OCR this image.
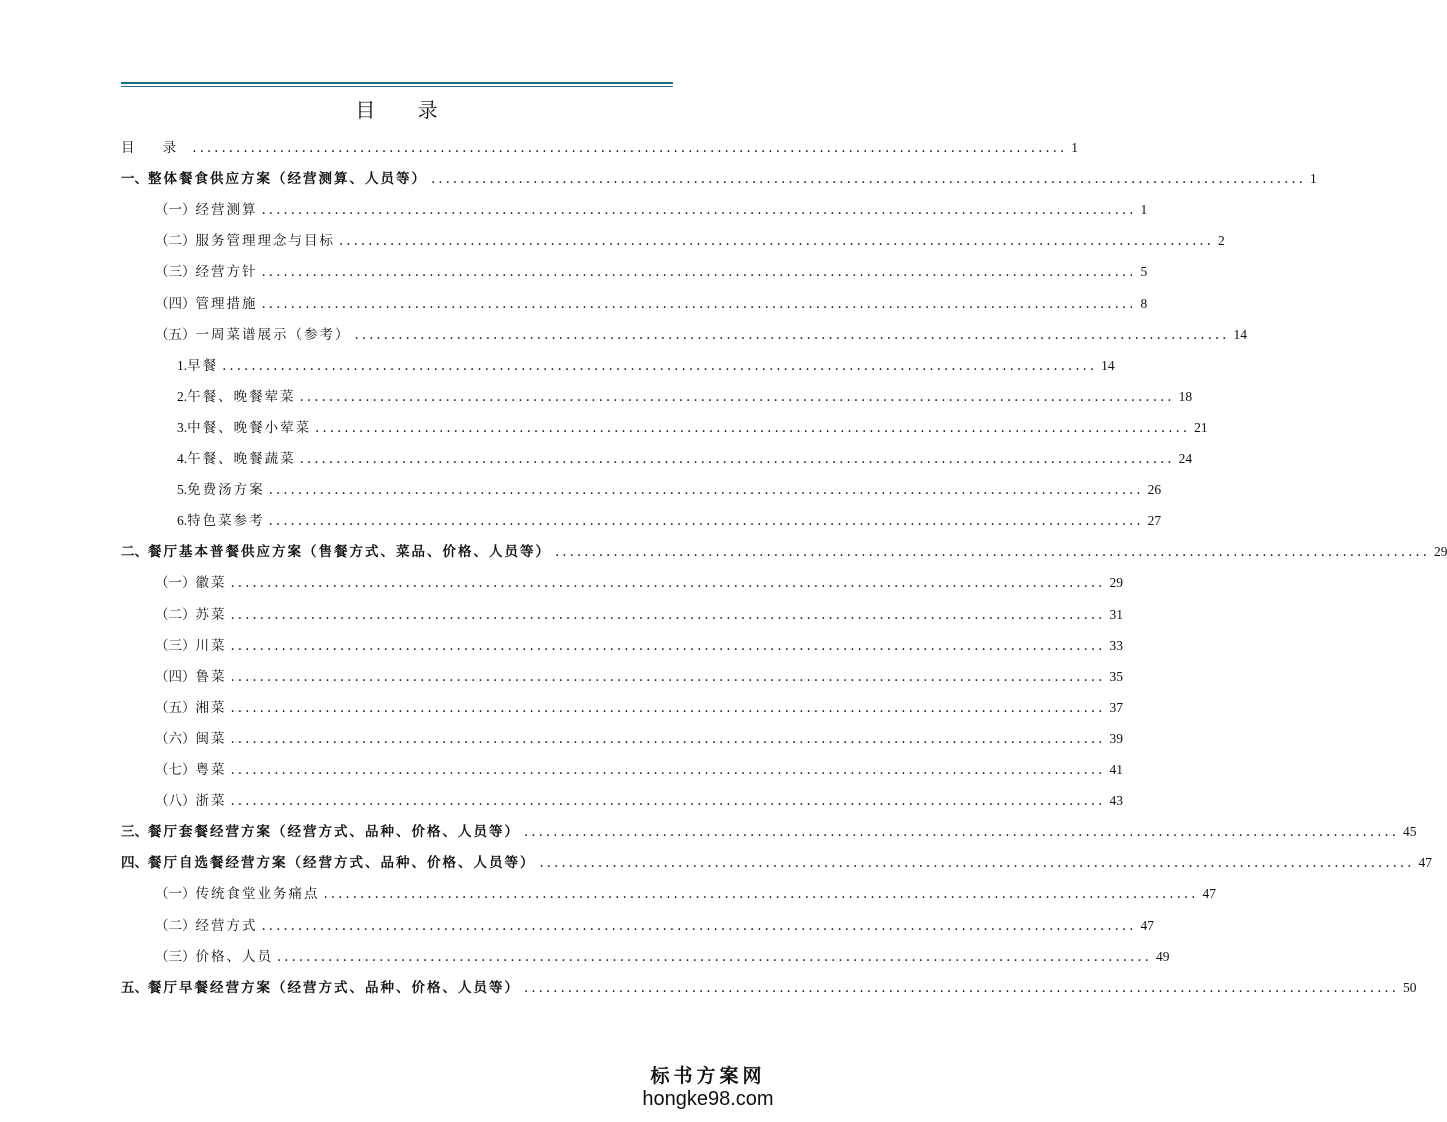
目 录
目 录 ........................................................................................................................ 1
一、 整体餐食供应方案（经营测算、人员等） ........................................................................................................................ 1
（一） 经营测算 ........................................................................................................................ 1
（二） 服务管理理念与目标 ........................................................................................................................ 2
（三） 经营方针 ........................................................................................................................ 5
（四） 管理措施 ........................................................................................................................ 8
（五） 一周菜谱展示（参考） ........................................................................................................................ 14
1. 早餐 ........................................................................................................................ 14
2. 午餐、晚餐荤菜 ........................................................................................................................ 18
3. 中餐、晚餐小荤菜 ........................................................................................................................ 21
4. 午餐、晚餐蔬菜 ........................................................................................................................ 24
5. 免费汤方案 ........................................................................................................................ 26
6. 特色菜参考 ........................................................................................................................ 27
二、 餐厅基本普餐供应方案（售餐方式、菜品、价格、人员等） ........................................................................................................................ 29
（一） 徽菜 ........................................................................................................................ 29
（二） 苏菜 ........................................................................................................................ 31
（三） 川菜 ........................................................................................................................ 33
（四） 鲁菜 ........................................................................................................................ 35
（五） 湘菜 ........................................................................................................................ 37
（六） 闽菜 ........................................................................................................................ 39
（七） 粤菜 ........................................................................................................................ 41
（八） 浙菜 ........................................................................................................................ 43
三、 餐厅套餐经营方案（经营方式、品种、价格、人员等） ........................................................................................................................ 45
四、 餐厅自选餐经营方案（经营方式、品种、价格、人员等） ........................................................................................................................ 47
（一） 传统食堂业务痛点 ........................................................................................................................ 47
（二） 经营方式 ........................................................................................................................ 47
（三） 价格、人员 ........................................................................................................................ 49
五、 餐厅早餐经营方案（经营方式、品种、价格、人员等） ........................................................................................................................ 50
标书方案网
hongke98.com
